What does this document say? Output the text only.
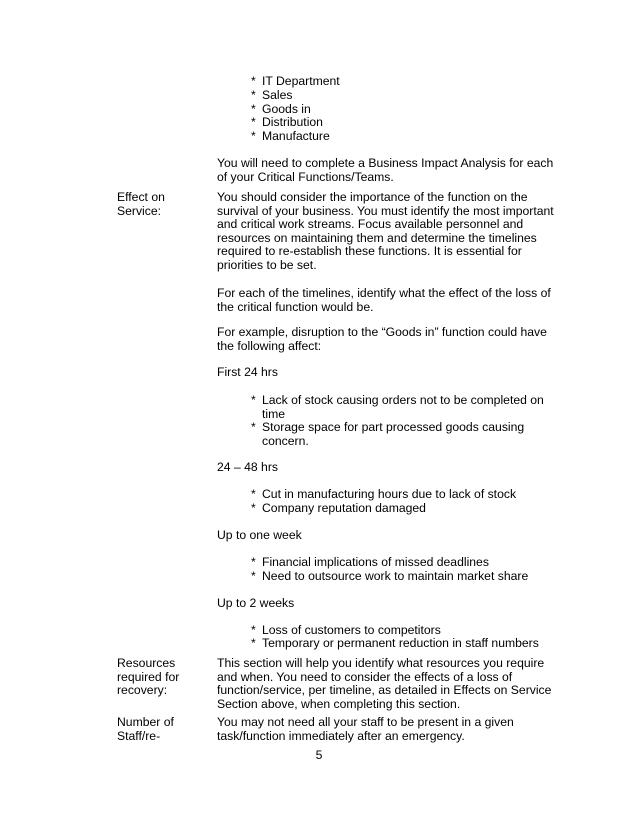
* IT Department
* Sales
* Goods in
* Distribution
* Manufacture
You will need to complete a Business Impact Analysis for each
of your Critical Functions/Teams.
Effect on
Service:
You should consider the importance of the function on the
survival of your business. You must identify the most important
and critical work streams. Focus available personnel and
resources on maintaining them and determine the timelines
required to re-establish these functions. It is essential for
priorities to be set.
For each of the timelines, identify what the effect of the loss of
the critical function would be.
For example, disruption to the “Goods in” function could have
the following affect:
First 24 hrs
* Lack of stock causing orders not to be completed on
time
* Storage space for part processed goods causing
concern.
24 – 48 hrs
* Cut in manufacturing hours due to lack of stock
* Company reputation damaged
Up to one week
* Financial implications of missed deadlines
* Need to outsource work to maintain market share
Up to 2 weeks
* Loss of customers to competitors
* Temporary or permanent reduction in staff numbers
Resources
required for
recovery:
This section will help you identify what resources you require
and when. You need to consider the effects of a loss of
function/service, per timeline, as detailed in Effects on Service
Section above, when completing this section.
Number of
Staff/re-
You may not need all your staff to be present in a given
task/function immediately after an emergency.
5
